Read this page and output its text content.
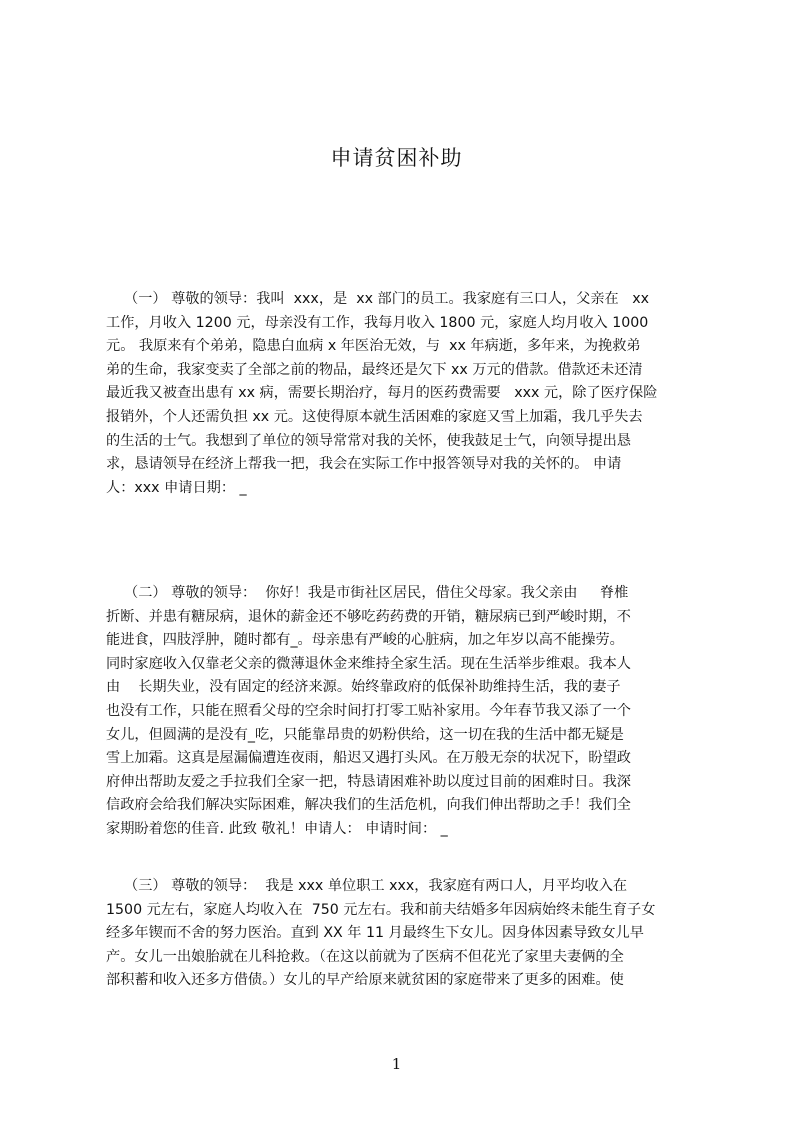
申请贫困补助
（一） 尊敬的领导：我叫  xxx，是  xx 部门的员工。我家庭有三口人，父亲在   xx
工作，月收入 1200 元，母亲没有工作，我每月收入 1800 元，家庭人均月收入 1000
元。 我原来有个弟弟，隐患白血病 x 年医治无效，与  xx 年病逝，多年来，为挽救弟
弟的生命，我家变卖了全部之前的物品，最终还是欠下 xx 万元的借款。借款还未还清
最近我又被查出患有 xx 病，需要长期治疗，每月的医药费需要   xxx 元，除了医疗保险
报销外，个人还需负担 xx 元。这使得原本就生活困难的家庭又雪上加霜，我几乎失去
的生活的士气。我想到了单位的领导常常对我的关怀，使我鼓足士气，向领导提出恳
求，恳请领导在经济上帮我一把，我会在实际工作中报答领导对我的关怀的。 申请
人：xxx 申请日期： _
（二） 尊敬的领导：  你好！我是市街社区居民，借住父母家。我父亲由     脊椎
折断、并患有糖尿病，退休的薪金还不够吃药药费的开销，糖尿病已到严峻时期，不
能进食，四肢浮肿，随时都有_。母亲患有严峻的心脏病，加之年岁以高不能操劳。
同时家庭收入仅靠老父亲的微薄退休金来维持全家生活。现在生活举步维艰。我本人
由    长期失业，没有固定的经济来源。始终靠政府的低保补助维持生活，我的妻子
也没有工作，只能在照看父母的空余时间打打零工贴补家用。今年春节我又添了一个
女儿，但圆满的是没有_吃，只能靠昂贵的奶粉供给，这一切在我的生活中都无疑是
雪上加霜。这真是屋漏偏遭连夜雨，船迟又遇打头风。在万般无奈的状况下，盼望政
府伸出帮助友爱之手拉我们全家一把，特恳请困难补助以度过目前的困难时日。我深
信政府会给我们解决实际困难，解决我们的生活危机，向我们伸出帮助之手！我们全
家期盼着您的佳音. 此致 敬礼！申请人： 申请时间： _
（三） 尊敬的领导：  我是 xxx 单位职工 xxx，我家庭有两口人，月平均收入在
1500 元左右，家庭人均收入在  750 元左右。我和前夫结婚多年因病始终未能生育子女
经多年锲而不舍的努力医治。直到 XX 年 11 月最终生下女儿。因身体因素导致女儿早
产。女儿一出娘胎就在儿科抢救。（在这以前就为了医病不但花光了家里夫妻俩的全
部积蓄和收入还多方借债。）女儿的早产给原来就贫困的家庭带来了更多的困难。使
1
